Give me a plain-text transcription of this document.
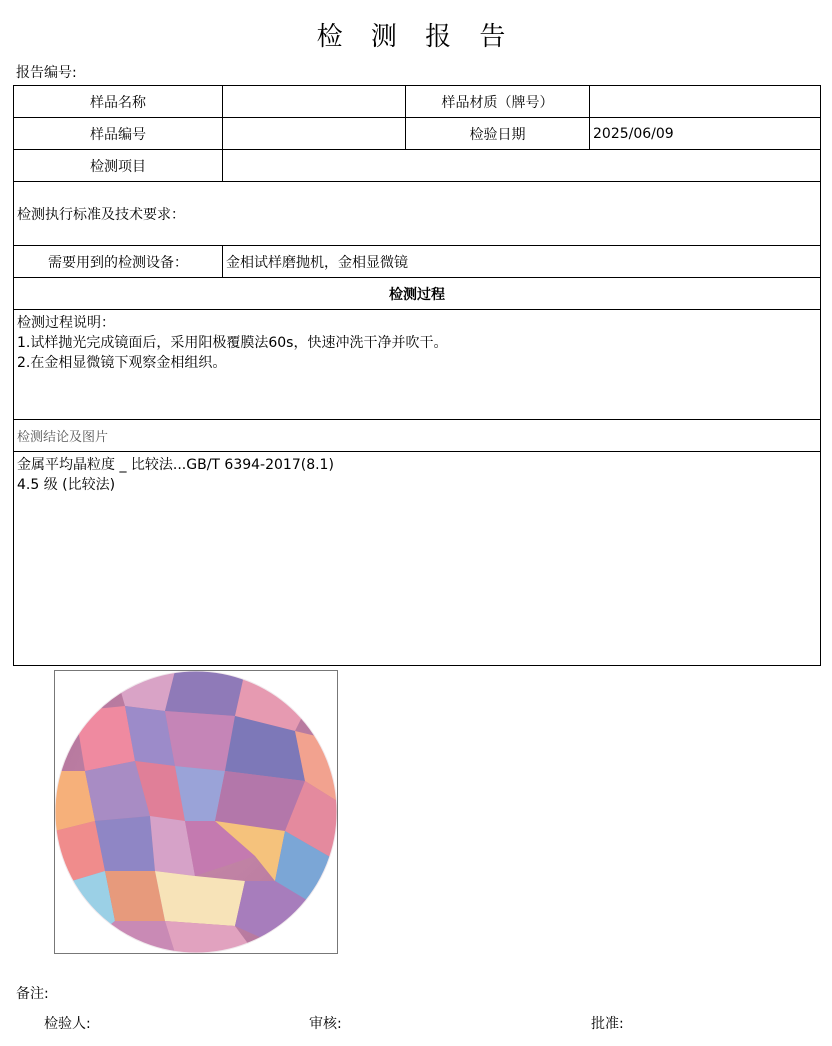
检 测 报 告
报告编号:
样品名称		样品材质（牌号）	
样品编号		检验日期	2025/06/09
检测项目			
检测执行标准及技术要求：			
需要用到的检测设备：	金相试样磨抛机，金相显微镜		
检测过程			

检测过程说明：
1.试样抛光完成镜面后，采用阳极覆膜法60s，快速冲洗干净并吹干。
2.在金相显微镜下观察金相组织。			

检测结论及图片			

金属平均晶粒度 _ 比较法...GB/T 6394-2017(8.1)
4.5 级 (比较法)			
备注:
检验人:	审核:	批准:
